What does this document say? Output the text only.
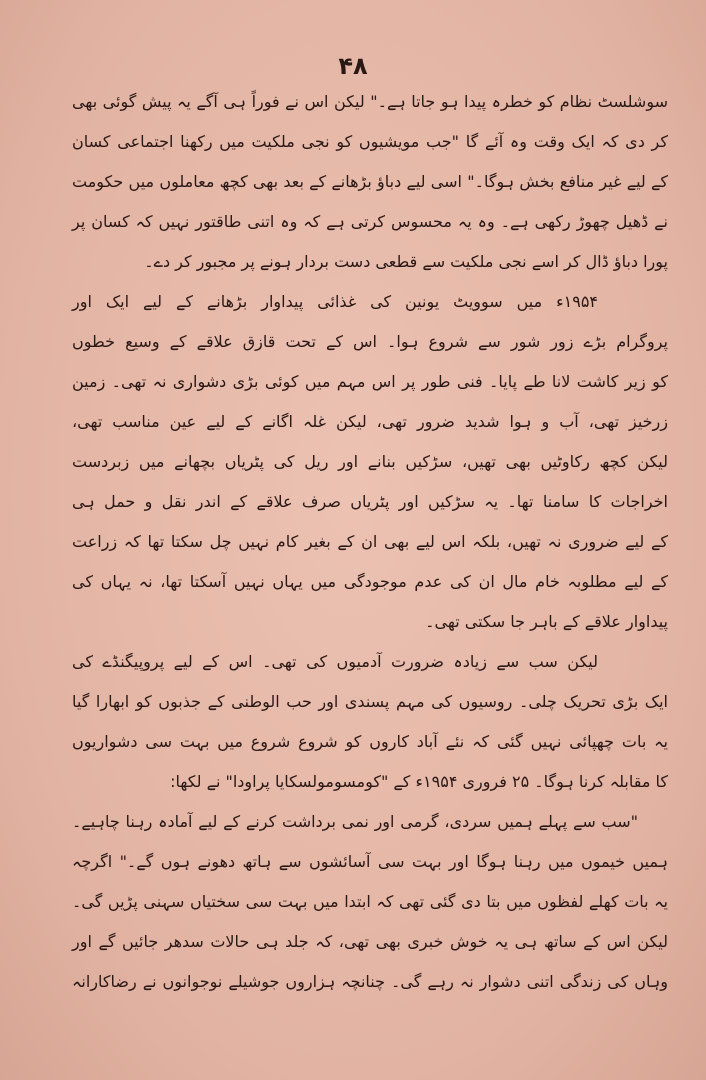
۴۸
سوشلسٹ نظام کو خطرہ پیدا ہو جاتا ہے۔" لیکن اس نے فوراً ہی آگے یہ پیش گوئی بھی
کر دی کہ ایک وقت وہ آئے گا "جب مویشیوں کو نجی ملکیت میں رکھنا اجتماعی کسان
کے لیے غیر منافع بخش ہوگا۔" اسی لیے دباؤ بڑھانے کے بعد بھی کچھ معاملوں میں حکومت
نے ڈھیل چھوڑ رکھی ہے۔ وہ یہ محسوس کرتی ہے کہ وہ اتنی طاقتور نہیں کہ کسان پر
پورا دباؤ ڈال کر اسے نجی ملکیت سے قطعی دست بردار ہونے پر مجبور کر دے۔
۱۹۵۴ء میں سوویٹ یونین کی غذائی پیداوار بڑھانے کے لیے ایک اور
پروگرام بڑے زور شور سے شروع ہوا۔ اس کے تحت قازق علاقے کے وسیع خطوں
کو زیر کاشت لانا طے پایا۔ فنی طور پر اس مہم میں کوئی بڑی دشواری نہ تھی۔ زمین
زرخیز تھی، آب و ہوا شدید ضرور تھی، لیکن غلہ اگانے کے لیے عین مناسب تھی،
لیکن کچھ رکاوٹیں بھی تھیں، سڑکیں بنانے اور ریل کی پٹریاں بچھانے میں زبردست
اخراجات کا سامنا تھا۔ یہ سڑکیں اور پٹریاں صرف علاقے کے اندر نقل و حمل ہی
کے لیے ضروری نہ تھیں، بلکہ اس لیے بھی ان کے بغیر کام نہیں چل سکتا تھا کہ زراعت
کے لیے مطلوبہ خام مال ان کی عدم موجودگی میں یہاں نہیں آسکتا تھا، نہ یہاں کی
پیداوار علاقے کے باہر جا سکتی تھی۔
لیکن سب سے زیادہ ضرورت آدمیوں کی تھی۔ اس کے لیے پروپیگنڈے کی
ایک بڑی تحریک چلی۔ روسیوں کی مہم پسندی اور حب الوطنی کے جذبوں کو ابھارا گیا
یہ بات چھپائی نہیں گئی کہ نئے آباد کاروں کو شروع شروع میں بہت سی دشواریوں
کا مقابلہ کرنا ہوگا۔ ۲۵ فروری ۱۹۵۴ء کے "کومسومولسکایا پراودا" نے لکھا:
"سب سے پہلے ہمیں سردی، گرمی اور نمی برداشت کرنے کے لیے آمادہ رہنا چاہیے۔
ہمیں خیموں میں رہنا ہوگا اور بہت سی آسائشوں سے ہاتھ دھونے ہوں گے۔" اگرچہ
یہ بات کھلے لفظوں میں بتا دی گئی تھی کہ ابتدا میں بہت سی سختیاں سہنی پڑیں گی۔
لیکن اس کے ساتھ ہی یہ خوش خبری بھی تھی، کہ جلد ہی حالات سدھر جائیں گے اور
وہاں کی زندگی اتنی دشوار نہ رہے گی۔ چنانچہ ہزاروں جوشیلے نوجوانوں نے رضاکارانہ
